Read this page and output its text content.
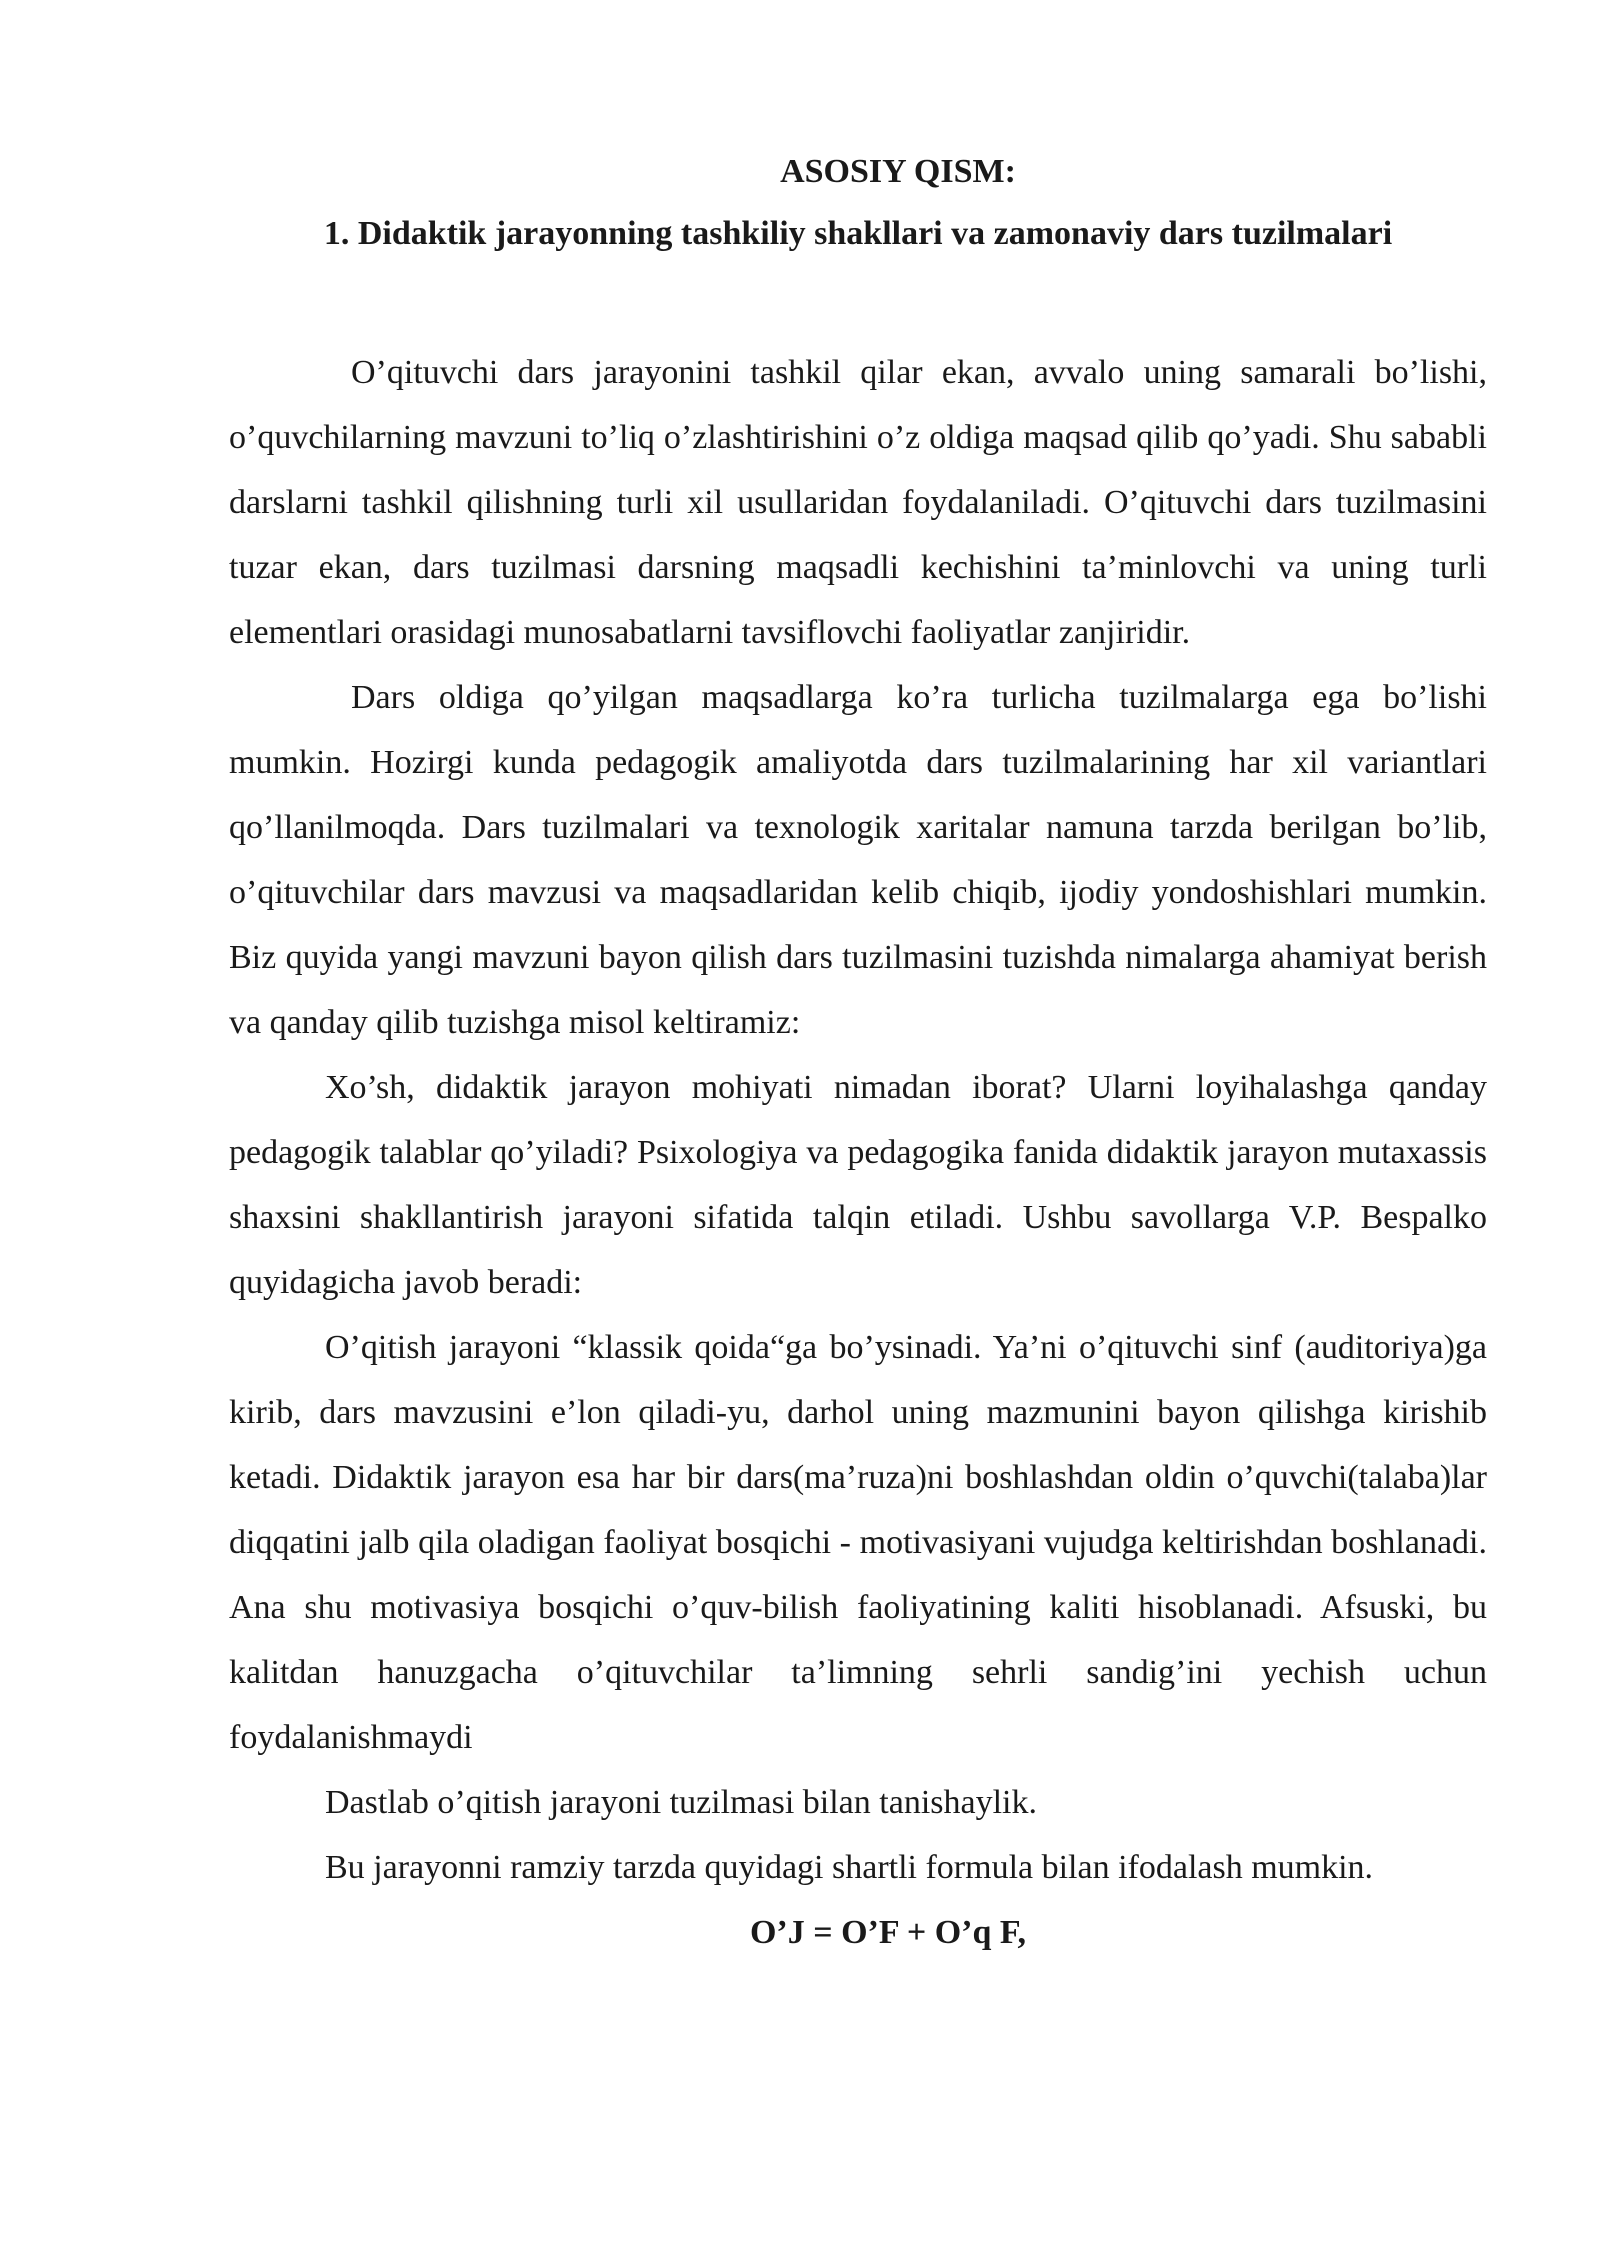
ASOSIY QISM:

1. Didaktik jarayonning tashkiliy shakllari va zamonaviy dars tuzilmalari

O’qituvchi dars jarayonini tashkil qilar ekan, avvalo uning samarali bo’lishi, o’quvchilarning mavzuni to’liq o’zlashtirishini o’z oldiga maqsad qilib qo’yadi. Shu sababli darslarni tashkil qilishning turli xil usullaridan foydalaniladi. O’qituvchi dars tuzilmasini tuzar ekan, dars tuzilmasi darsning maqsadli kechishini ta’minlovchi va uning turli elementlari orasidagi munosabatlarni tavsiflovchi faoliyatlar zanjiridir.

Dars oldiga qo’yilgan maqsadlarga ko’ra turlicha tuzilmalarga ega bo’lishi mumkin. Hozirgi kunda pedagogik amaliyotda dars tuzilmalarining har xil variantlari qo’llanilmoqda. Dars tuzilmalari va texnologik xaritalar namuna tarzda berilgan bo’lib, o’qituvchilar dars mavzusi va maqsadlaridan kelib chiqib, ijodiy yondoshishlari mumkin. Biz quyida yangi mavzuni bayon qilish dars tuzilmasini tuzishda nimalarga ahamiyat berish va qanday qilib tuzishga misol keltiramiz:

Xo’sh, didaktik jarayon mohiyati nimadan iborat? Ularni loyihalashga qanday pedagogik talablar qo’yiladi? Psixologiya va pedagogika fanida didaktik jarayon mutaxassis shaxsini shakllantirish jarayoni sifatida talqin etiladi. Ushbu savollarga V.P. Bespalko quyidagicha javob beradi:

O’qitish jarayoni “klassik qoida“ga bo’ysinadi. Ya’ni o’qituvchi sinf (auditoriya)ga kirib, dars mavzusini e’lon qiladi-yu, darhol uning mazmunini bayon qilishga kirishib ketadi. Didaktik jarayon esa har bir dars(ma’ruza)ni boshlashdan oldin o’quvchi(talaba)lar diqqatini jalb qila oladigan faoliyat bosqichi - motivasiyani vujudga keltirishdan boshlanadi. Ana shu motivasiya bosqichi o’quv-bilish faoliyatining kaliti hisoblanadi. Afsuski, bu kalitdan hanuzgacha o’qituvchilar ta’limning sehrli sandig’ini yechish uchun foydalanishmaydi

Dastlab o’qitish jarayoni tuzilmasi bilan tanishaylik.

Bu jarayonni ramziy tarzda quyidagi shartli formula bilan ifodalash mumkin.

O’J = O’F + O’q F,
